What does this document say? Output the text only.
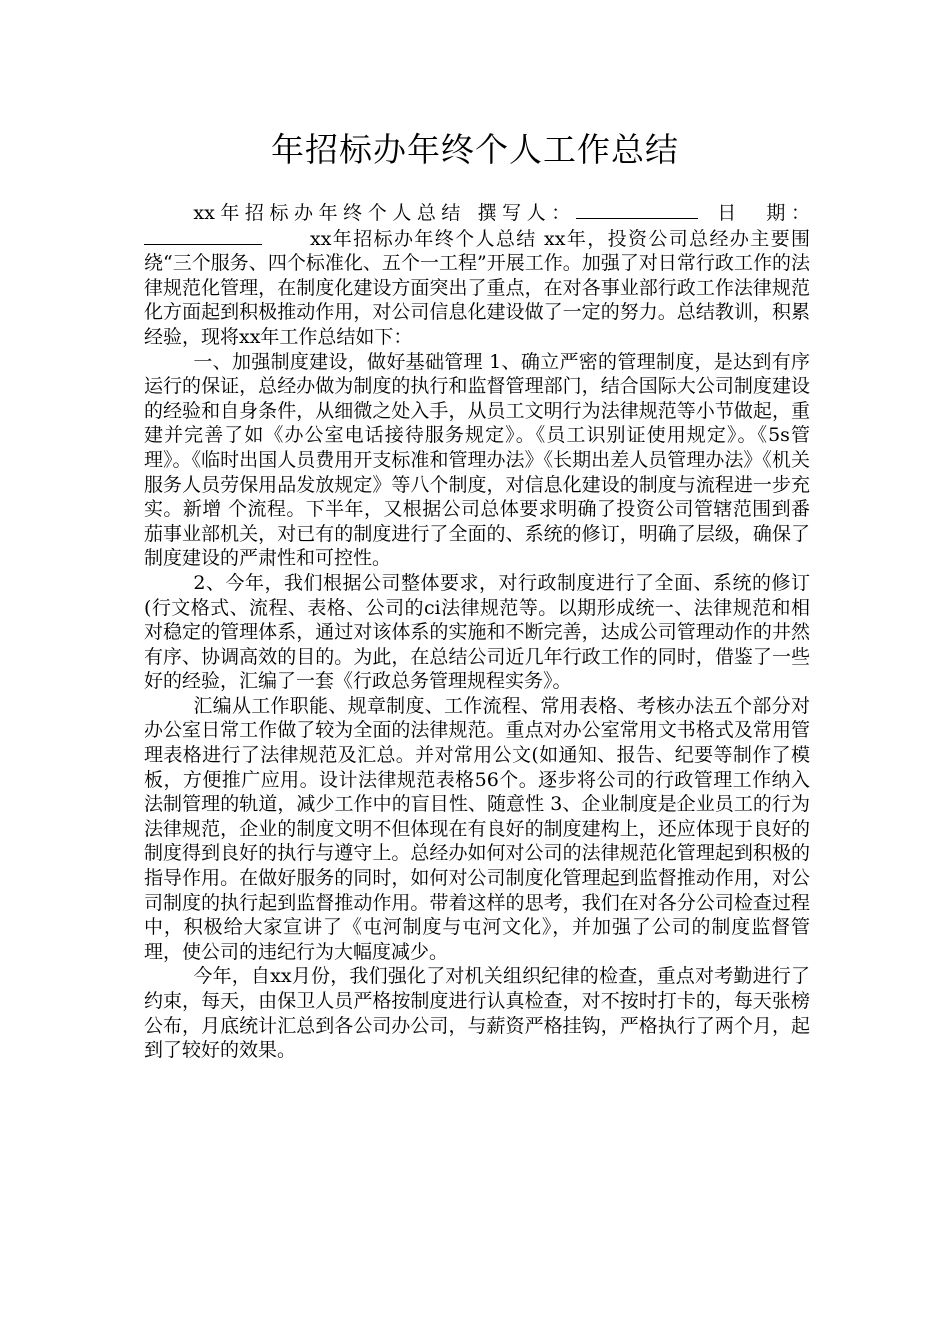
年招标办年终个人工作总结

xx年招标办年终个人总结 撰写人：	日　期：xx年招标办年终个人总结 xx年，投资公司总经办主要围绕“三个服务、四个标准化、五个一工程”开展工作。加强了对日常行政工作的法律规范化管理，在制度化建设方面突出了重点，在对各事业部行政工作法律规范化方面起到积极推动作用，对公司信息化建设做了一定的努力。总结教训，积累经验，现将xx年工作总结如下：

一、加强制度建设，做好基础管理 1、确立严密的管理制度，是达到有序运行的保证，总经办做为制度的执行和监督管理部门，结合国际大公司制度建设的经验和自身条件，从细微之处入手，从员工文明行为法律规范等小节做起，重建并完善了如《办公室电话接待服务规定》。《员工识别证使用规定》。《5s管理》。《临时出国人员费用开支标准和管理办法》《长期出差人员管理办法》《机关服务人员劳保用品发放规定》等八个制度，对信息化建设的制度与流程进一步充实。新增 个流程。下半年，又根据公司总体要求明确了投资公司管辖范围到番茄事业部机关，对已有的制度进行了全面的、系统的修订，明确了层级，确保了制度建设的严肃性和可控性。

2、今年，我们根据公司整体要求，对行政制度进行了全面、系统的修订(行文格式、流程、表格、公司的ci法律规范等。以期形成统一、法律规范和相对稳定的管理体系，通过对该体系的实施和不断完善，达成公司管理动作的井然有序、协调高效的目的。为此，在总结公司近几年行政工作的同时，借鉴了一些好的经验，汇编了一套《行政总务管理规程实务》。

汇编从工作职能、规章制度、工作流程、常用表格、考核办法五个部分对办公室日常工作做了较为全面的法律规范。重点对办公室常用文书格式及常用管理表格进行了法律规范及汇总。并对常用公文(如通知、报告、纪要等制作了模板，方便推广应用。设计法律规范表格56个。逐步将公司的行政管理工作纳入法制管理的轨道，减少工作中的盲目性、随意性 3、企业制度是企业员工的行为法律规范，企业的制度文明不但体现在有良好的制度建构上，还应体现于良好的制度得到良好的执行与遵守上。总经办如何对公司的法律规范化管理起到积极的指导作用。在做好服务的同时，如何对公司制度化管理起到监督推动作用，对公司制度的执行起到监督推动作用。带着这样的思考，我们在对各分公司检查过程中，积极给大家宣讲了《屯河制度与屯河文化》，并加强了公司的制度监督管理，使公司的违纪行为大幅度减少。

今年，自xx月份，我们强化了对机关组织纪律的检查，重点对考勤进行了约束，每天，由保卫人员严格按制度进行认真检查，对不按时打卡的，每天张榜公布，月底统计汇总到各公司办公司，与薪资严格挂钩，严格执行了两个月，起到了较好的效果。
